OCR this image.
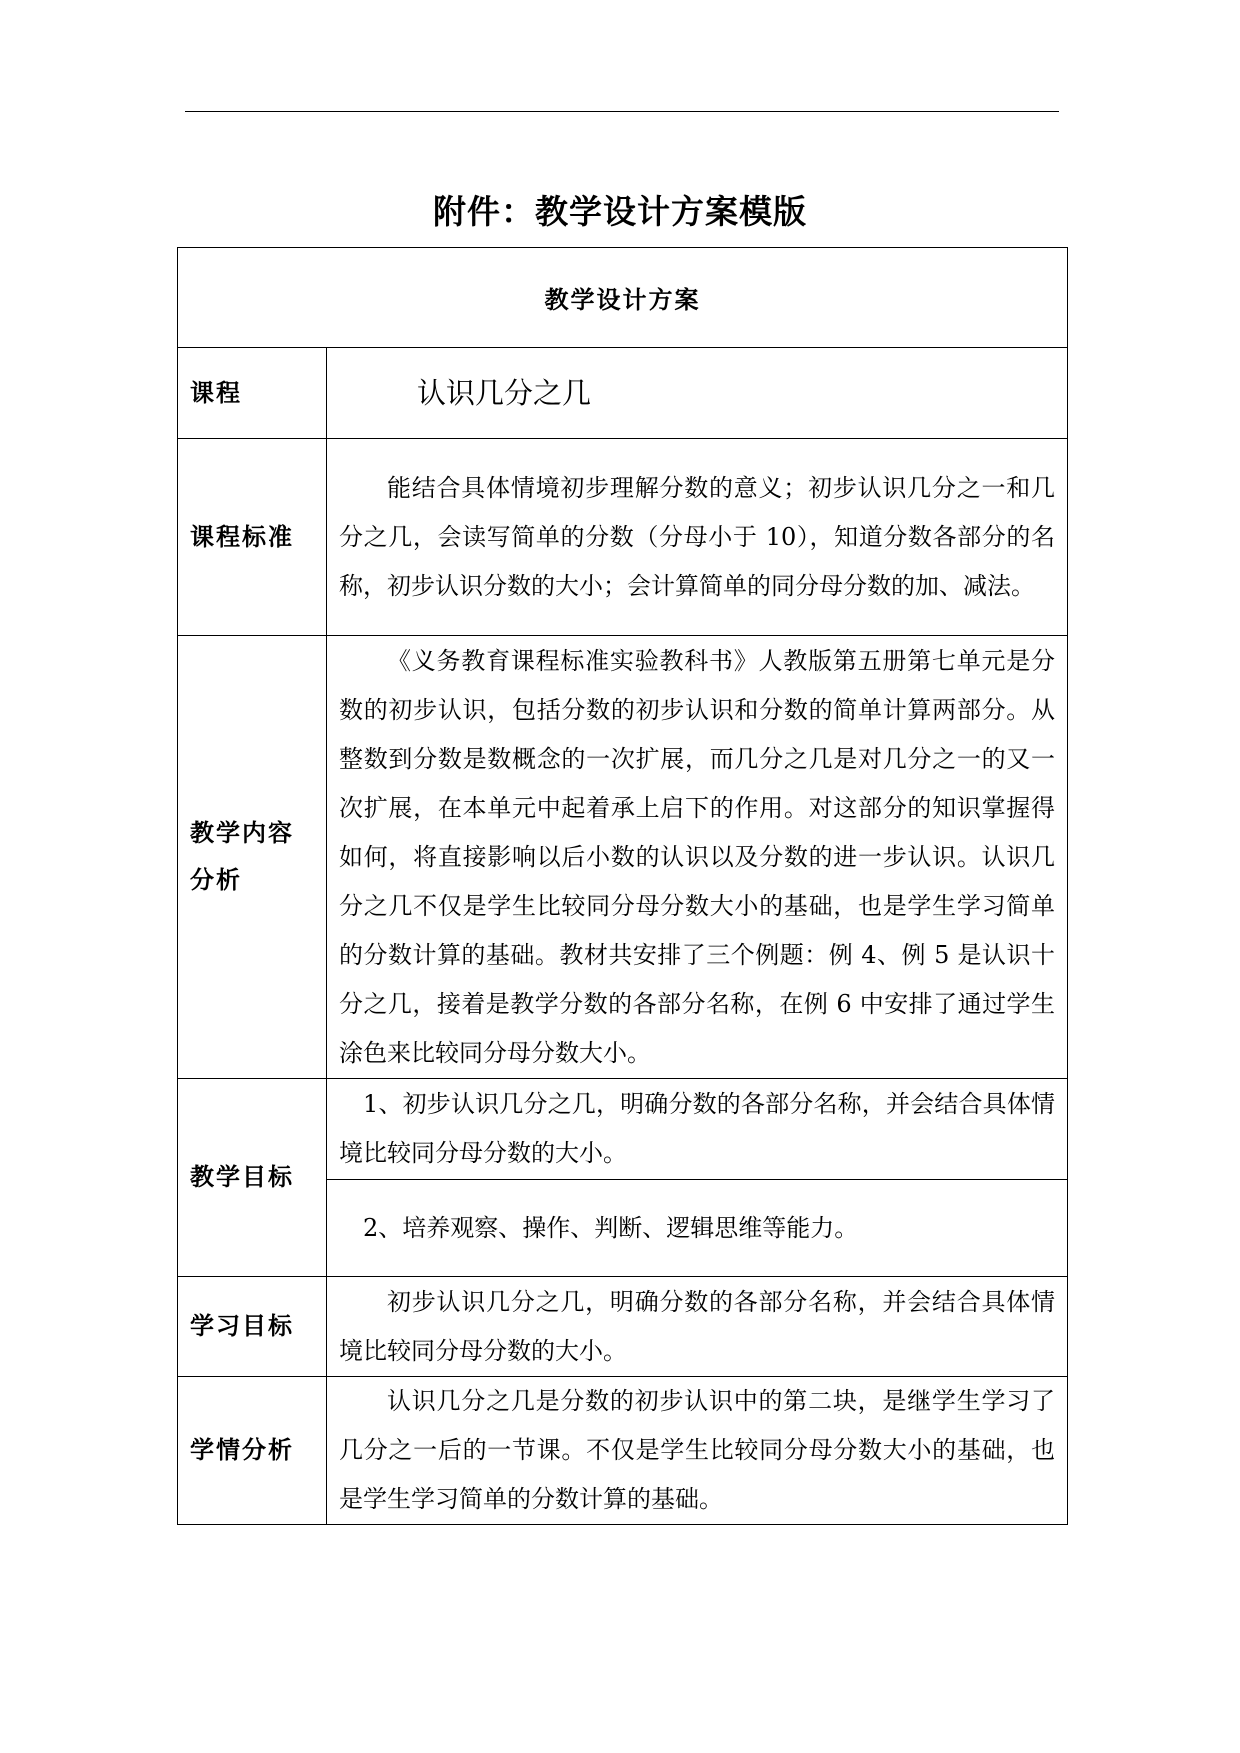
附件：教学设计方案模版
教学设计方案	
课程	认识几分之几
课程标准	能结合具体情境初步理解分数的意义；初步认识几分之一和几分之几，会读写简单的分数（分母小于 10），知道分数各部分的名称，初步认识分数的大小；会计算简单的同分母分数的加、减法。
教学内容分析	《义务教育课程标准实验教科书》人教版第五册第七单元是分数的初步认识，包括分数的初步认识和分数的简单计算两部分。从整数到分数是数概念的一次扩展，而几分之几是对几分之一的又一次扩展，在本单元中起着承上启下的作用。对这部分的知识掌握得如何，将直接影响以后小数的认识以及分数的进一步认识。认识几分之几不仅是学生比较同分母分数大小的基础，也是学生学习简单的分数计算的基础。教材共安排了三个例题：例 4、例 5 是认识十分之几，接着是教学分数的各部分名称，在例 6 中安排了通过学生涂色来比较同分母分数大小。
教学目标	1、初步认识几分之几，明确分数的各部分名称，并会结合具体情境比较同分母分数的大小。
	2、培养观察、操作、判断、逻辑思维等能力。
学习目标	初步认识几分之几，明确分数的各部分名称，并会结合具体情境比较同分母分数的大小。
学情分析	认识几分之几是分数的初步认识中的第二块，是继学生学习了几分之一后的一节课。不仅是学生比较同分母分数大小的基础，也是学生学习简单的分数计算的基础。
